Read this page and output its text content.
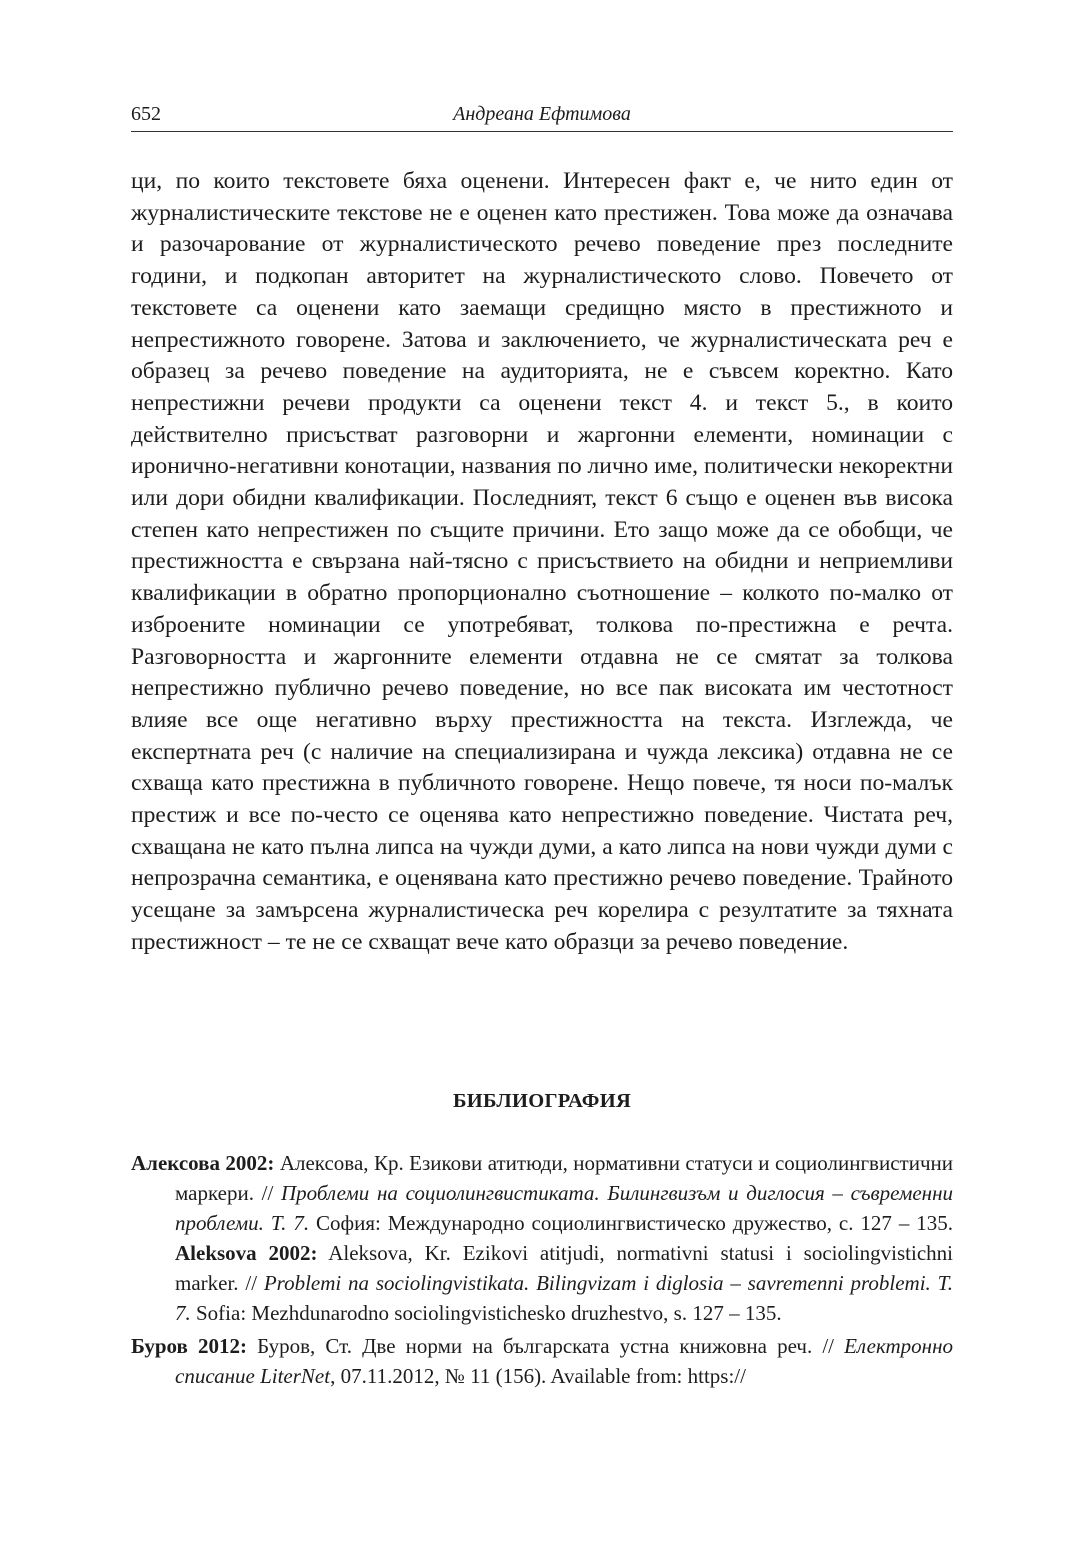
652	Андреана Ефтимова

ци, по които текстовете бяха оценени. Интересен факт е, че нито един от журналистическите текстове не е оценен като престижен. Това може да означава и разочарование от журналистическото речево поведение през последните години, и подкопан авторитет на журналистическото слово. Повечето от текстовете са оценени като заемащи средищно място в престижното и непрестижното говорене. Затова и заключението, че журналистическата реч е образец за речево поведение на аудиторията, не е съвсем коректно. Като непрестижни речеви продукти са оценени текст 4. и текст 5., в които действително присъстват разговорни и жаргонни елементи, номинации с иронично-негативни конотации, названия по лично име, политически некоректни или дори обидни квалификации. Последният, текст 6 също е оценен във висока степен като непрестижен по същите причини. Ето защо може да се обобщи, че престижността е свързана най-тясно с присъствието на обидни и неприемливи квалификации в обратно пропорционално съотношение – колкото по-малко от изброените номинации се употребяват, толкова по-престижна е речта. Разговорността и жаргонните елементи отдавна не се смятат за толкова непрестижно публично речево поведение, но все пак високата им честотност влияе все още негативно върху престижността на текста. Изглежда, че експертната реч (с наличие на специализирана и чужда лексика) отдавна не се схваща като престижна в публичното говорене. Нещо повече, тя носи по-малък престиж и все по-често се оценява като непрестижно поведение. Чистата реч, схващана не като пълна липса на чужди думи, а като липса на нови чужди думи с непрозрачна семантика, е оценявана като престижно речево поведение. Трайното усещане за замърсена журналистическа реч корелира с резултатите за тяхната престижност – те не се схващат вече като образци за речево поведение.

БИБЛИОГРАФИЯ

Алексова 2002: Алексова, Кр. Езикови атитюди, нормативни статуси и социолингвистични маркери. // Проблеми на социолингвистиката. Билингвизъм и диглосия – съвременни проблеми. Т. 7. София: Международно социолингвистическо дружество, с. 127 – 135. Aleksova 2002: Aleksova, Kr. Ezikovi atitjudi, normativni statusi i sociolingvistichni marker. // Problemi na sociolingvistikata. Bilingvizam i diglosia – savremenni problemi. T. 7. Sofia: Mezhdunarodno sociolingvistichesko druzhestvo, s. 127 – 135.

Буров 2012: Буров, Ст. Две норми на българската устна книжовна реч. // Електронно списание LiterNet, 07.11.2012, № 11 (156). Available from: https://
